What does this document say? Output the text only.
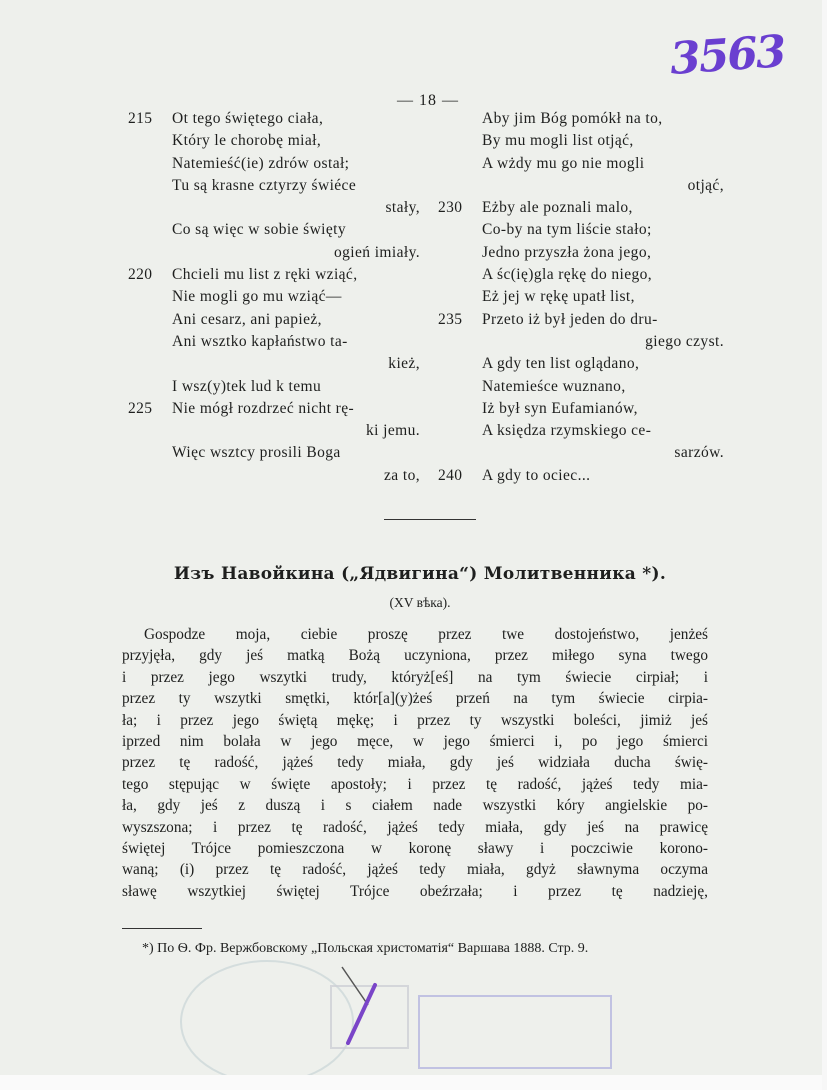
— 18 —
3563
215	Ot tego świętego ciała,
Który le chorobę miał,
Natemieść(ie) zdrów ostał;
Tu są krasne cztyrzy świéce
stały,
Co są więc w sobie święty
ogień imiały.
220	Chcieli mu list z ręki wziąć,
Nie mogli go mu wziąć—
Ani cesarz, ani papież,
Ani wsztko kapłaństwo ta-
kież,
I wsz(y)tek lud k temu
225	Nie mógł rozdrzeć nicht rę-
ki jemu.
Więc wsztcy prosili Boga
za to,
Aby jim Bóg pomókł na to,
By mu mogli list otjąć,
A wżdy mu go nie mogli
otjąć,
230	Eżby ale poznali malo,
Co-by na tym liście stało;
Jedno przyszła żona jego,
A śc(ię)gla rękę do niego,
Eż jej w rękę upatł list,
235	Przeto iż był jeden do dru-
giego czyst.
A gdy ten list oglądano,
Natemieśce wuznano,
Iż był syn Eufamianów,
A księdza rzymskiego ce-
sarzów.
240	A gdy to ociec...
Изъ Навойкина („Ядвигина“) Молитвенника *).
(XV вѣка).
Gospodze moja, ciebie proszę przez twe dostojeństwo, jenżeś
przyjęła, gdy jeś matką Bożą uczyniona, przez miłego syna twego
i przez jego wszytki trudy, któryż[eś] na tym świecie cirpiał; i
przez ty wszytki smętki, któr[a](y)żeś przeń na tym świecie cirpia-
ła; i przez jego świętą mękę; i przez ty wszystki boleści, jimiż jeś
iprzed nim bolała w jego męce, w jego śmierci i, po jego śmierci
przez tę radość, jążeś tedy miała, gdy jeś widziała ducha świę-
tego stępując w święte apostoły; i przez tę radość, jążeś tedy mia-
ła, gdy jeś z duszą i s ciałem nade wszystki kóry angielskie po-
wyszszona; i przez tę radość, jążeś tedy miała, gdy jeś na prawicę
świętej Trójce pomieszczona w koronę sławy i poczciwie korono-
waną; (i) przez tę radość, jążeś tedy miała, gdyż sławnyma oczyma
sławę wszytkiej świętej Trójce obeźrzała; i przez tę nadzieję,
*) По Ѳ. Фр. Вержбовскому „Польская христоматія“ Варшава 1888. Стр. 9.
